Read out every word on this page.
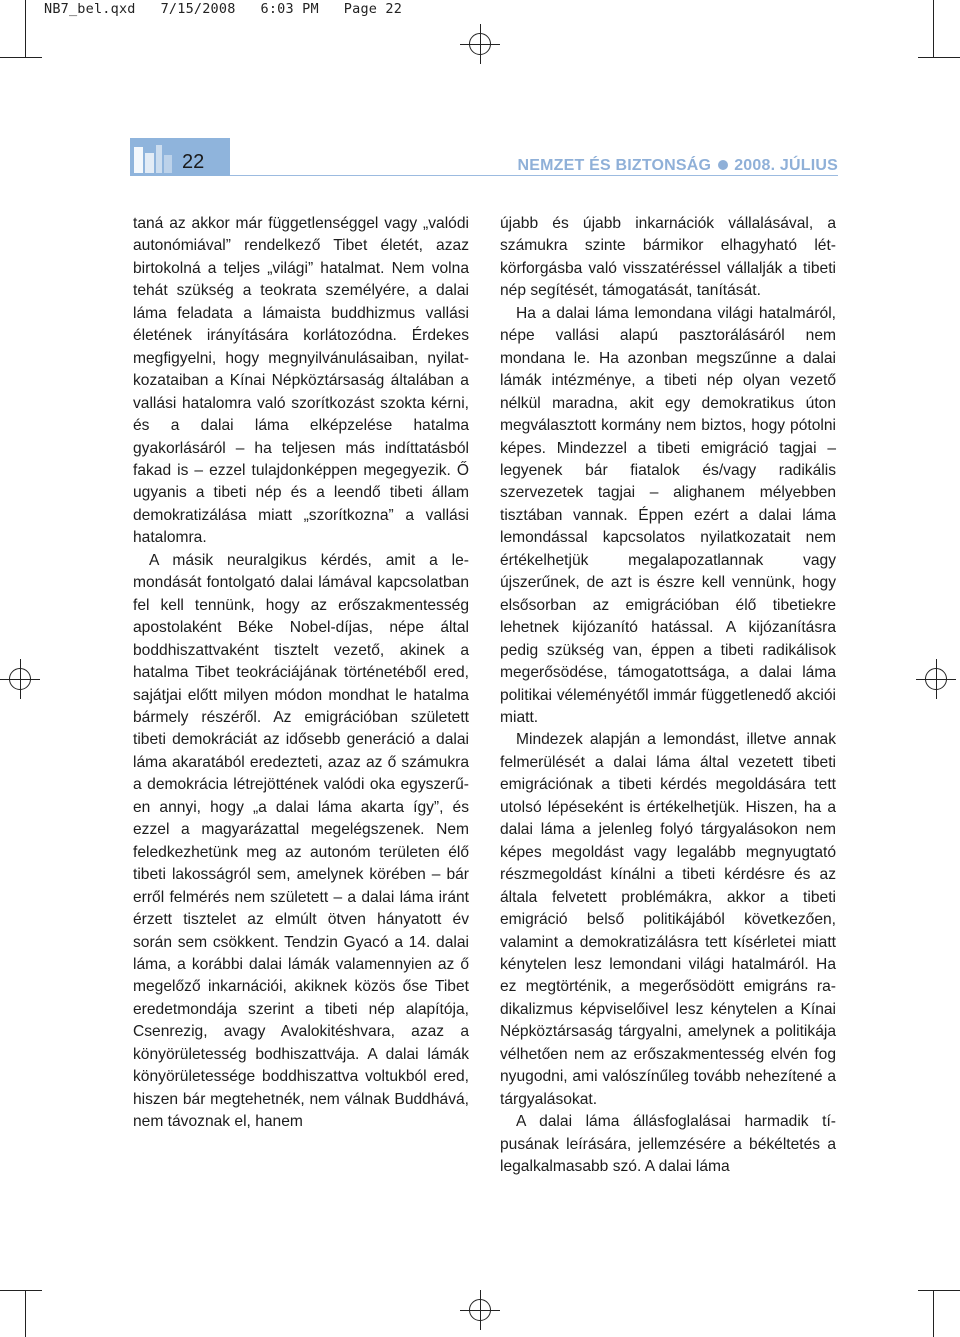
NB7_bel.qxd   7/15/2008   6:03 PM   Page 22
22	NEMZET ÉS BIZTONSÁG 2008. JÚLIUS

taná az akkor már függetlenséggel vagy „valódi autonómiával” rendelkező Tibet életét, azaz birtokolná a teljes „világi” hatalmat. Nem volna tehát szükség a teokrata személyére, a dalai láma feladata a lámaista buddhizmus vallási életének irányítására korlátozódna. Érdekes megfigyelni, hogy megnyilvánulásaiban, nyilatkozataiban a Kínai Népköztársaság általában a vallási hatalomra való szorítkozást szokta kérni, és a dalai láma elképzelése hatalma gyakorlásáról – ha teljesen más indíttatásból fakad is – ezzel tulajdonképpen megegyezik. Ő ugyanis a tibeti nép és a leendő tibeti állam demokratizálása miatt „szorítkozna” a vallási hatalomra.

A másik neuralgikus kérdés, amit a lemondását fontolgató dalai lámával kapcsolatban fel kell tennünk, hogy az erőszakmentesség apostolaként Béke Nobel-díjas, népe által boddhiszattvaként tisztelt vezető, akinek a hatalma Tibet teokráciájának történetéből ered, sajátjai előtt milyen módon mondhat le hatalma bármely részéről. Az emigrációban született tibeti demokráciát az idősebb generáció a dalai láma akaratából eredezteti, azaz az ő számukra a demokrácia létrejöttének valódi oka egyszerűen annyi, hogy „a dalai láma akarta így”, és ezzel a magyarázattal megelégszenek. Nem feledkezhetünk meg az autonóm területen élő tibeti lakosságról sem, amelynek körében – bár erről felmérés nem született – a dalai láma iránt érzett tisztelet az elmúlt ötven hányatott év során sem csökkent. Tendzin Gyacó a 14. dalai láma, a korábbi dalai lámák valamennyien az ő megelőző inkarnációi, akiknek közös őse Tibet eredetmondája szerint a tibeti nép alapítója, Csenrezig, avagy Avalokitéshvara, azaz a könyörületesség bodhiszattvája. A dalai lámák könyörületessége boddhiszattva voltukból ered, hiszen bár megtehetnék, nem válnak Buddhává, nem távoznak el, hanem

újabb és újabb inkarnációk vállalásával, a számukra szinte bármikor elhagyható létkörforgásba való visszatéréssel vállalják a tibeti nép segítését, támogatását, tanítását.

Ha a dalai láma lemondana világi hatalmáról, népe vallási alapú pasztorálásáról nem mondana le. Ha azonban megszűnne a dalai lámák intézménye, a tibeti nép olyan vezető nélkül maradna, akit egy demokratikus úton megválasztott kormány nem biztos, hogy pótolni képes. Mindezzel a tibeti emigráció tagjai – legyenek bár fiatalok és/vagy radikális szervezetek tagjai – alighanem mélyebben tisztában vannak. Éppen ezért a dalai láma lemondással kapcsolatos nyilatkozatait nem értékelhetjük megalapozatlannak vagy újszerűnek, de azt is észre kell vennünk, hogy elsősorban az emigrációban élő tibetiekre lehetnek kijózanító hatással. A kijózanításra pedig szükség van, éppen a tibeti radikálisok megerősödése, támogatottsága, a dalai láma politikai véleményétől immár függetlenedő akciói miatt.

Mindezek alapján a lemondást, illetve annak felmerülését a dalai láma által vezetett tibeti emigrációnak a tibeti kérdés megoldására tett utolsó lépéseként is értékelhetjük. Hiszen, ha a dalai láma a jelenleg folyó tárgyalásokon nem képes megoldást vagy legalább megnyugtató részmegoldást kínálni a tibeti kérdésre és az általa felvetett problémákra, akkor a tibeti emigráció belső politikájából következően, valamint a demokratizálásra tett kísérletei miatt kénytelen lesz lemondani világi hatalmáról. Ha ez megtörténik, a megerősödött emigráns radikalizmus képviselőivel lesz kénytelen a Kínai Népköztársaság tárgyalni, amelynek a politikája vélhetően nem az erőszakmentesség elvén fog nyugodni, ami valószínűleg tovább nehezítené a tárgyalásokat.

A dalai láma állásfoglalásai harmadik típusának leírására, jellemzésére a békéltetés a legalkalmasabb szó. A dalai láma
